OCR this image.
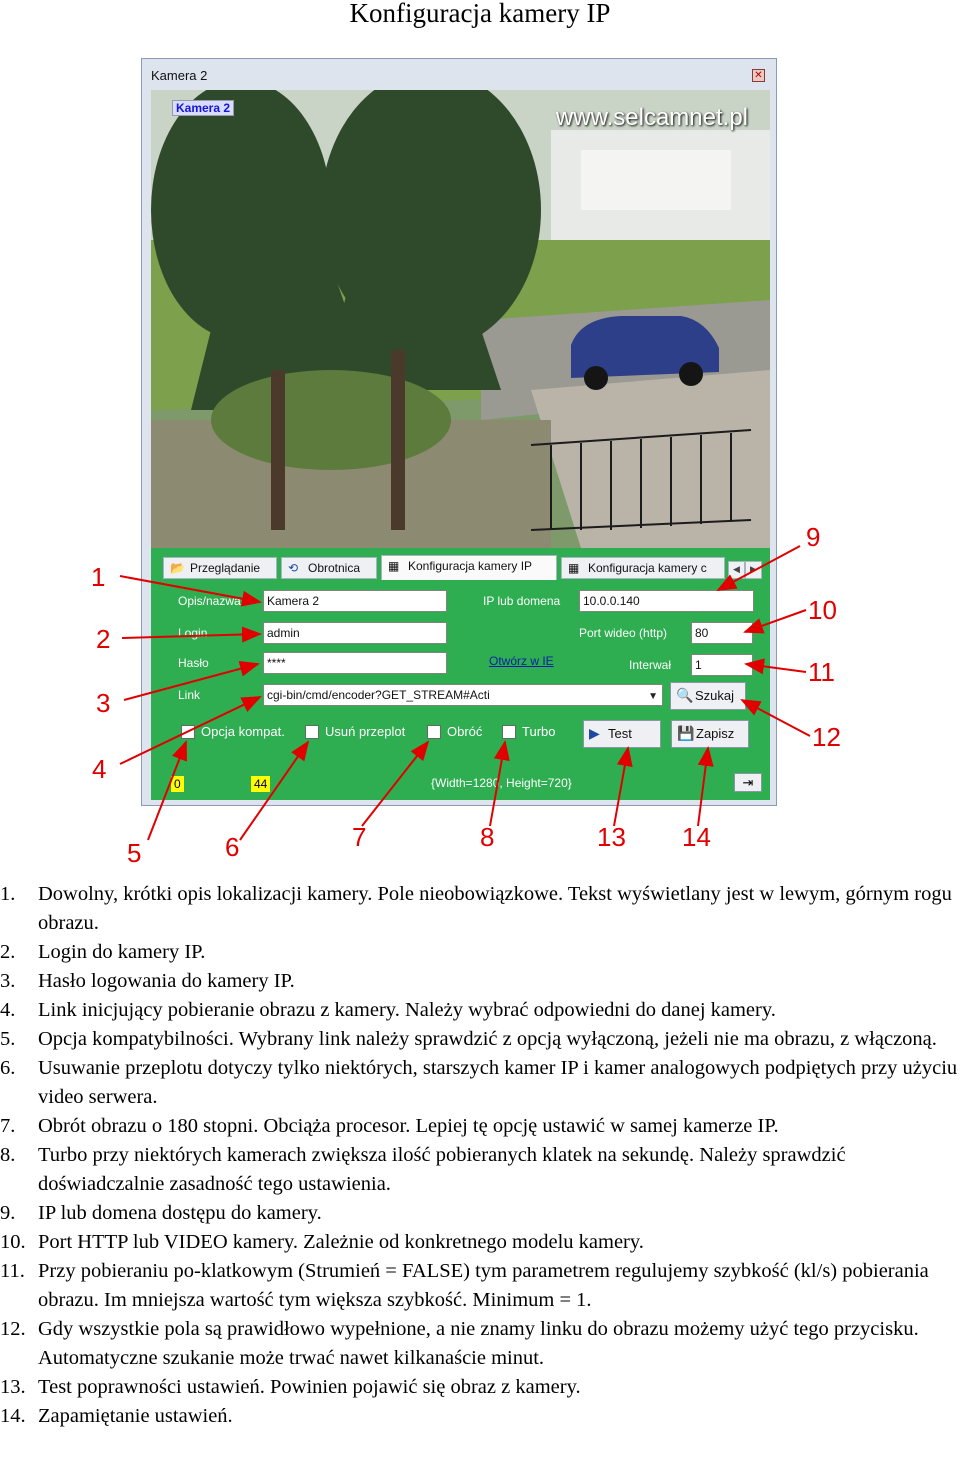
Konfiguracja kamery IP
Kamera 2	✕
Kamera 2	www.selcamnet.pl
📂 Przeglądanie	⟲ Obrotnica	▦ Konfiguracja kamery IP	▦ Konfiguracja kamery c	◀ ▶
Opis/nazwa	Kamera 2
Login	admin
Hasło	****
Link	cgi-bin/cmd/encoder?GET_STREAM#Acti	▼
IP lub domena	10.0.0.140
Port wideo (http)	80
Otwórz w IE	Interwał	1
🔍 Szukaj
Opcja kompat.	Usuń przeplot	Obróć	Turbo ▶ Test	💾 Zapisz
0	44	{Width=1280, Height=720}	⇥
1
2
3
4
5	6	7	8
9
10
11
12
13 14
1. Dowolny, krótki opis lokalizacji kamery. Pole nieobowiązkowe. Tekst wyświetlany jest w lewym, górnym rogu obrazu.
2. Login do kamery IP.
3. Hasło logowania do kamery IP.
4. Link inicjujący pobieranie obrazu z kamery. Należy wybrać odpowiedni do danej kamery.
5. Opcja kompatybilności. Wybrany link należy sprawdzić z opcją wyłączoną, jeżeli nie ma obrazu, z włączoną.
6. Usuwanie przeplotu dotyczy tylko niektórych, starszych kamer IP i kamer analogowych podpiętych przy użyciu video serwera.
7. Obrót obrazu o 180 stopni. Obciąża procesor. Lepiej tę opcję ustawić w samej kamerze IP.
8. Turbo przy niektórych kamerach zwiększa ilość pobieranych klatek na sekundę. Należy sprawdzić doświadczalnie zasadność tego ustawienia.
9. IP lub domena dostępu do kamery.
10. Port HTTP lub VIDEO kamery. Zależnie od konkretnego modelu kamery.
11. Przy pobieraniu po-klatkowym (Strumień = FALSE) tym parametrem regulujemy szybkość (kl/s) pobierania obrazu. Im mniejsza wartość tym większa szybkość. Minimum = 1.
12. Gdy wszystkie pola są prawidłowo wypełnione, a nie znamy linku do obrazu możemy użyć tego przycisku. Automatyczne szukanie może trwać nawet kilkanaście minut.
13. Test poprawności ustawień. Powinien pojawić się obraz z kamery.
14. Zapamiętanie ustawień.
